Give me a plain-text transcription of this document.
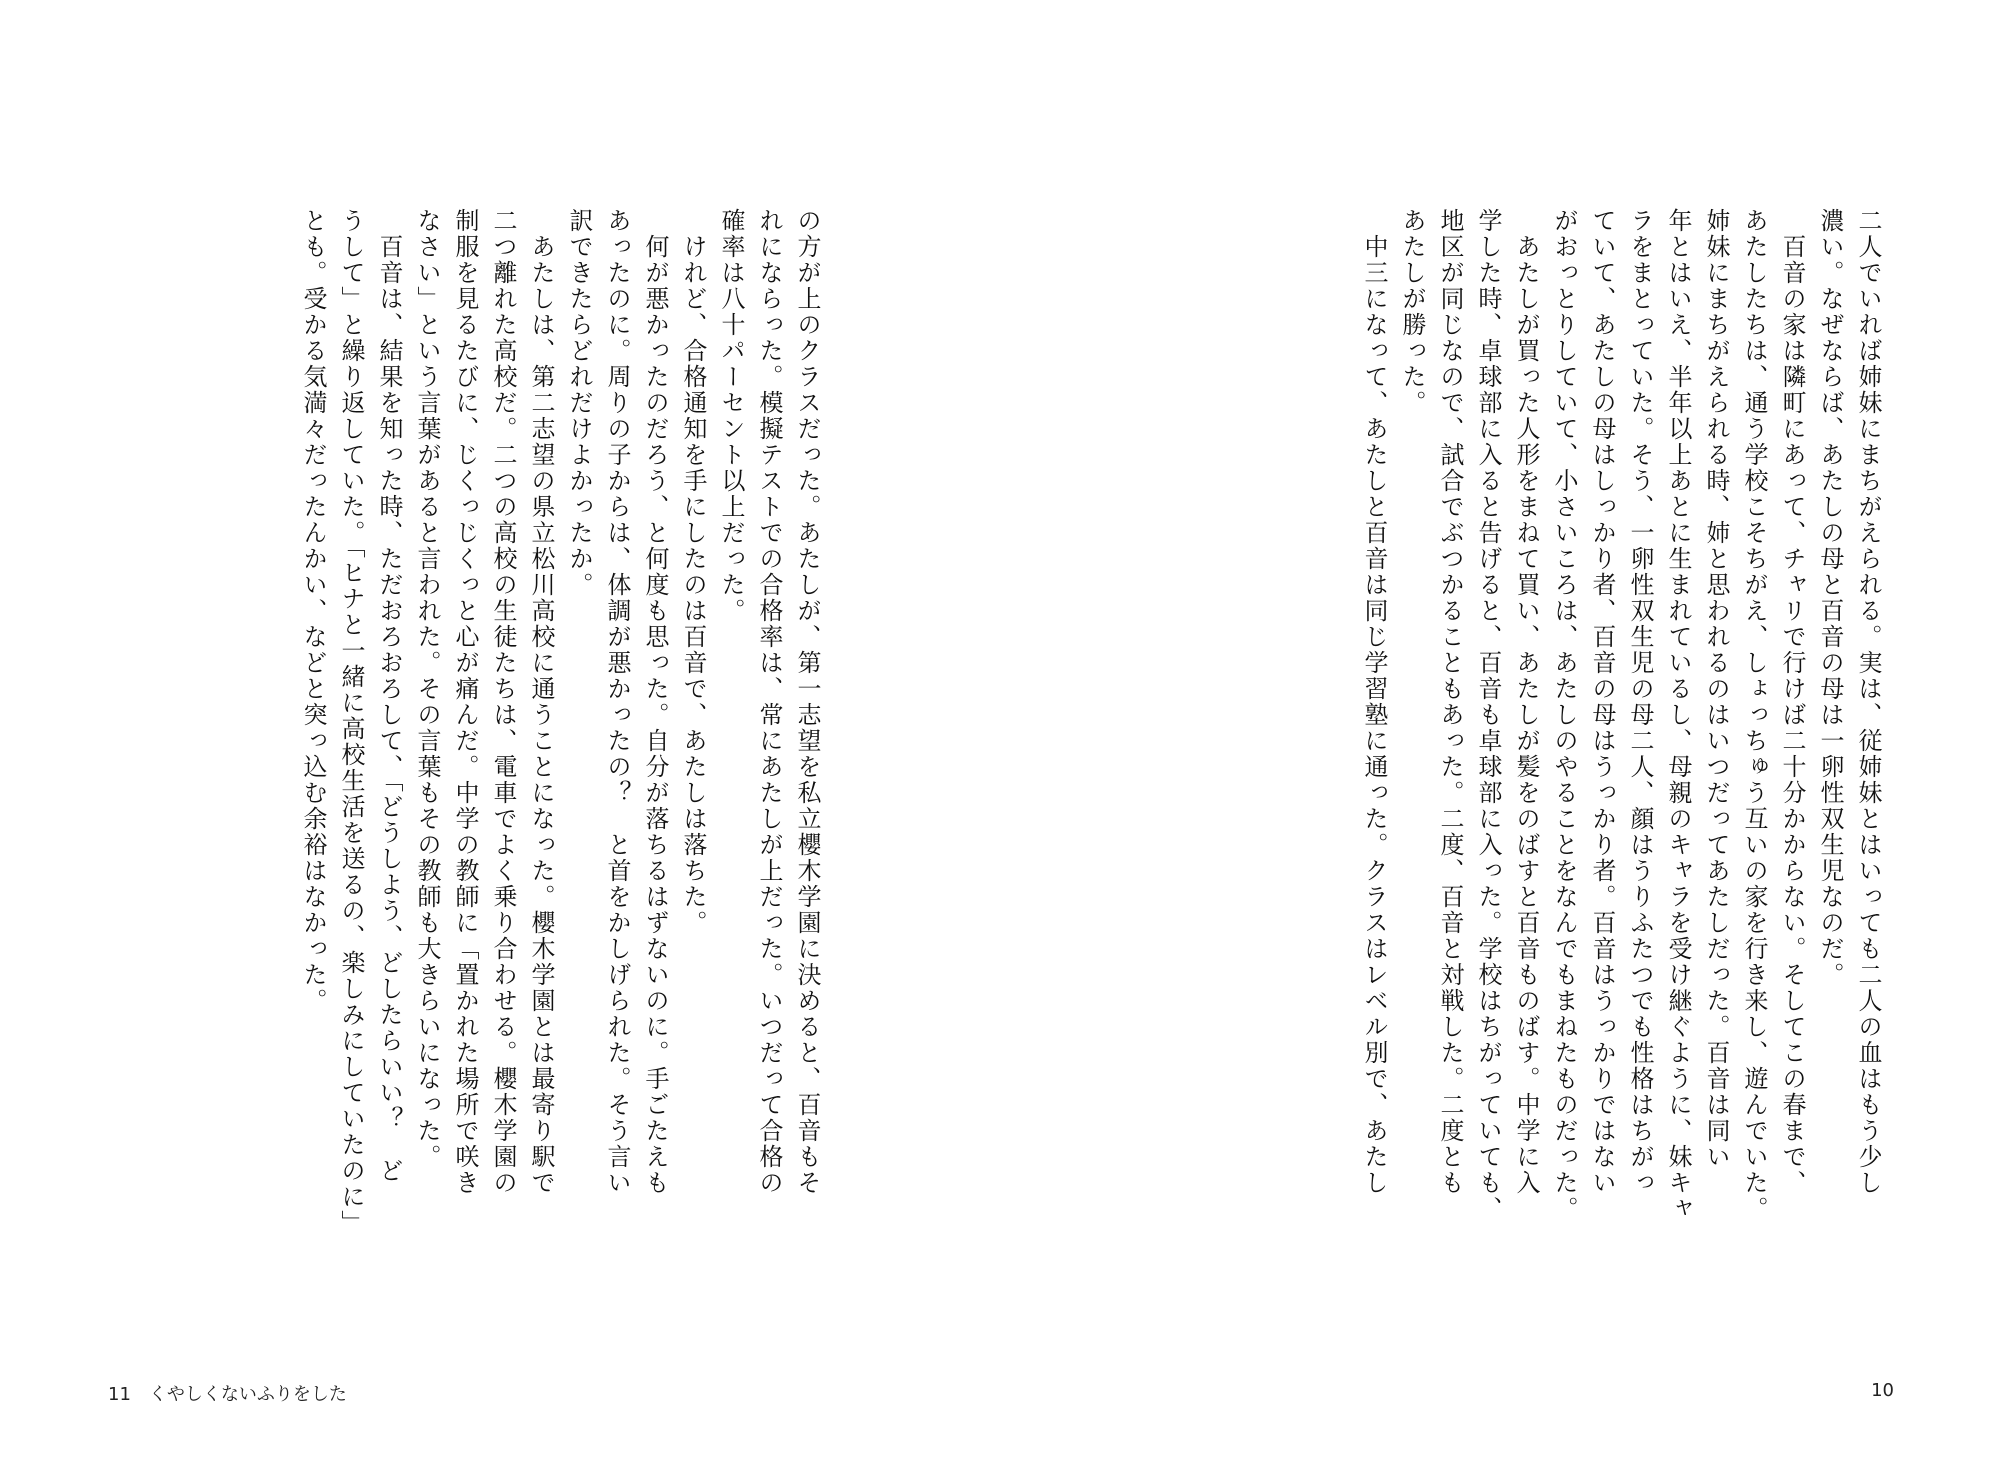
の方が上のクラスだった。あたしが、第一志望を私立櫻木学園に決めると、百音もそ
れにならった。模擬テストでの合格率は、常にあたしが上だった。いつだって合格の
確率は八十パーセント以上だった。
　けれど、合格通知を手にしたのは百音で、あたしは落ちた。
　何が悪かったのだろう、と何度も思った。自分が落ちるはずないのに。手ごたえも
あったのに。周りの子からは、体調が悪かったの？　と首をかしげられた。そう言い
訳できたらどれだけよかったか。
　あたしは、第二志望の県立松川高校に通うことになった。櫻木学園とは最寄り駅で
二つ離れた高校だ。二つの高校の生徒たちは、電車でよく乗り合わせる。櫻木学園の
制服を見るたびに、じくっじくっと心が痛んだ。中学の教師に「置かれた場所で咲き
なさい」という言葉があると言われた。その言葉もその教師も大きらいになった。
　百音は、結果を知った時、ただおろおろして、「どうしよう、どしたらいい？　ど
うして」と繰り返していた。「ヒナと一緒に高校生活を送るの、楽しみにしていたのに」
とも。受かる気満々だったんかい、などと突っ込む余裕はなかった。
11 くやしくないふりをした
二人でいれば姉妹にまちがえられる。実は、従姉妹とはいっても二人の血はもう少し
濃い。なぜならば、あたしの母と百音の母は一卵性双生児なのだ。
　百音の家は隣町にあって、チャリで行けば二十分かからない。そしてこの春まで、
あたしたちは、通う学校こそちがえ、しょっちゅう互いの家を行き来し、遊んでいた。
姉妹にまちがえられる時、姉と思われるのはいつだってあたしだった。百音は同い
年とはいえ、半年以上あとに生まれているし、母親のキャラを受け継ぐように、妹キャ
ラをまとっていた。そう、一卵性双生児の母二人、顔はうりふたつでも性格はちがっ
ていて、あたしの母はしっかり者、百音の母はうっかり者。百音はうっかりではない
がおっとりしていて、小さいころは、あたしのやることをなんでもまねたものだった。
　あたしが買った人形をまねて買い、あたしが髪をのばすと百音ものばす。中学に入
学した時、卓球部に入ると告げると、百音も卓球部に入った。学校はちがっていても、
地区が同じなので、試合でぶつかることもあった。二度、百音と対戦した。二度とも
あたしが勝った。
　中三になって、あたしと百音は同じ学習塾に通った。クラスはレベル別で、あたし
10
